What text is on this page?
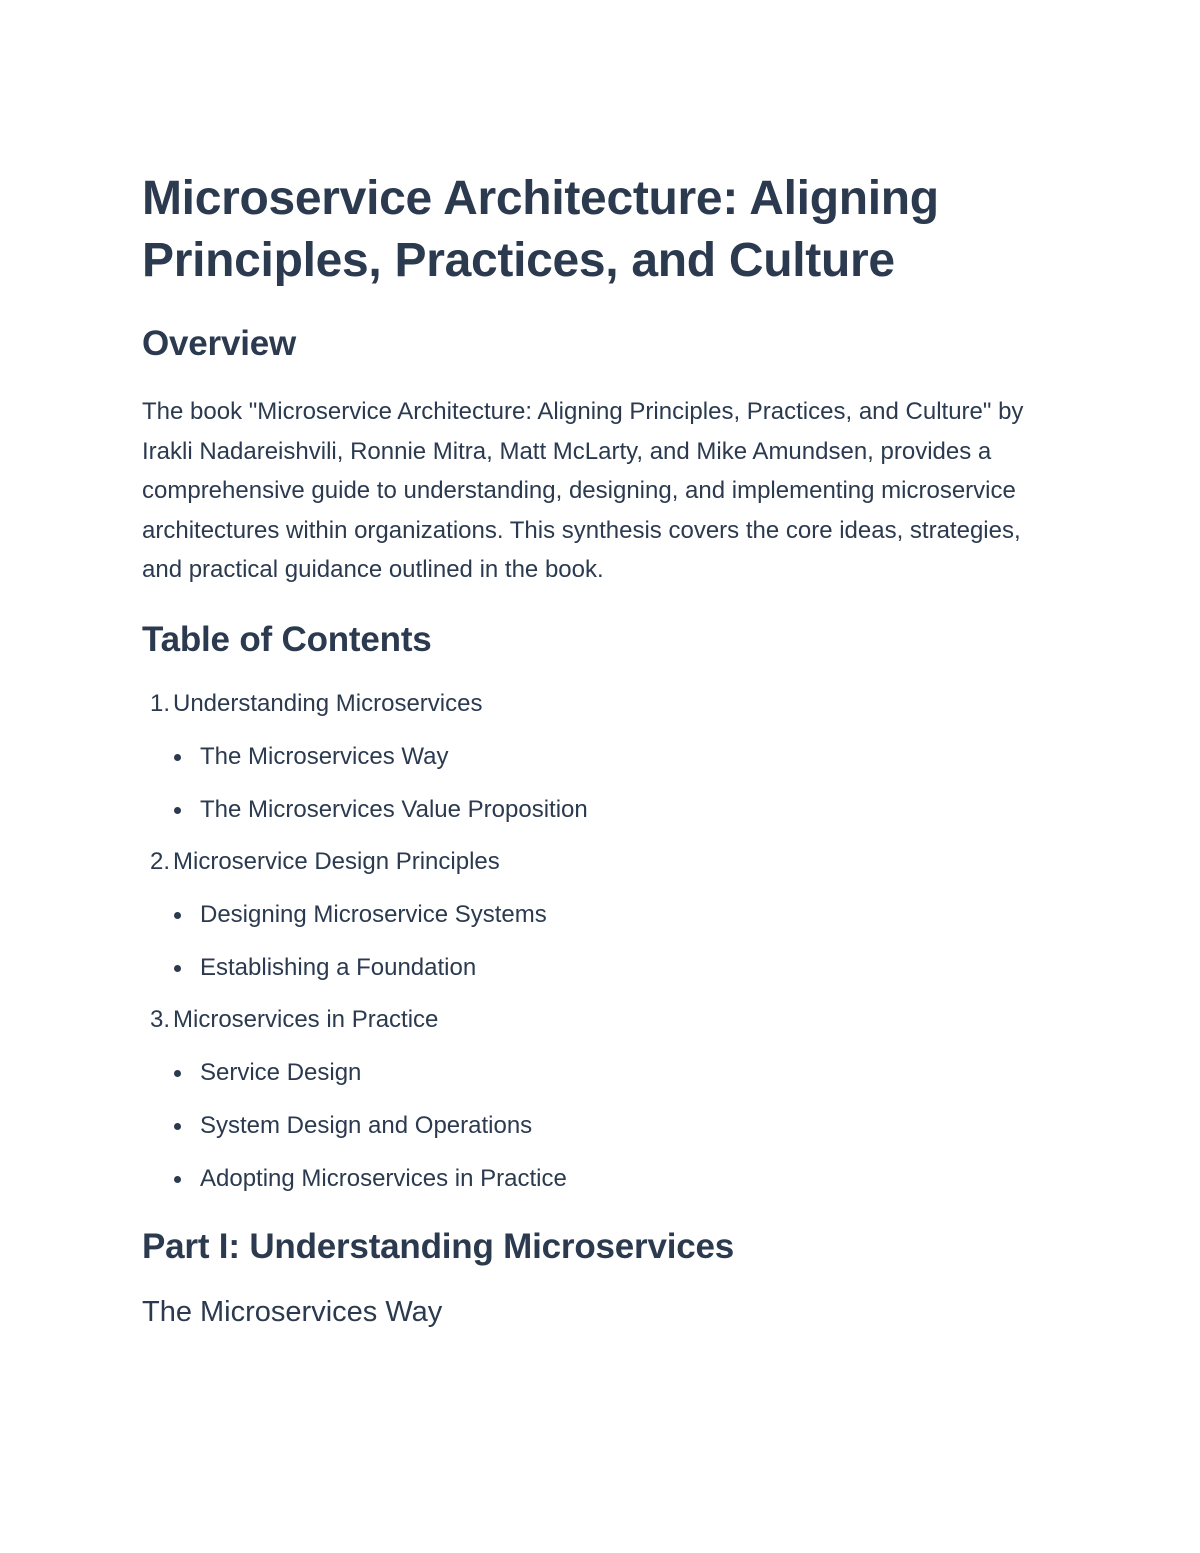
Microservice Architecture: Aligning Principles, Practices, and Culture
Overview

The book "Microservice Architecture: Aligning Principles, Practices, and Culture" by Irakli Nadareishvili, Ronnie Mitra, Matt McLarty, and Mike Amundsen, provides a comprehensive guide to understanding, designing, and implementing microservice architectures within organizations. This synthesis covers the core ideas, strategies, and practical guidance outlined in the book.

Table of Contents
1. Understanding Microservices
The Microservices Way
The Microservices Value Proposition
2. Microservice Design Principles
Designing Microservice Systems
Establishing a Foundation
3. Microservices in Practice
Service Design
System Design and Operations
Adopting Microservices in Practice
Part I: Understanding Microservices
The Microservices Way
